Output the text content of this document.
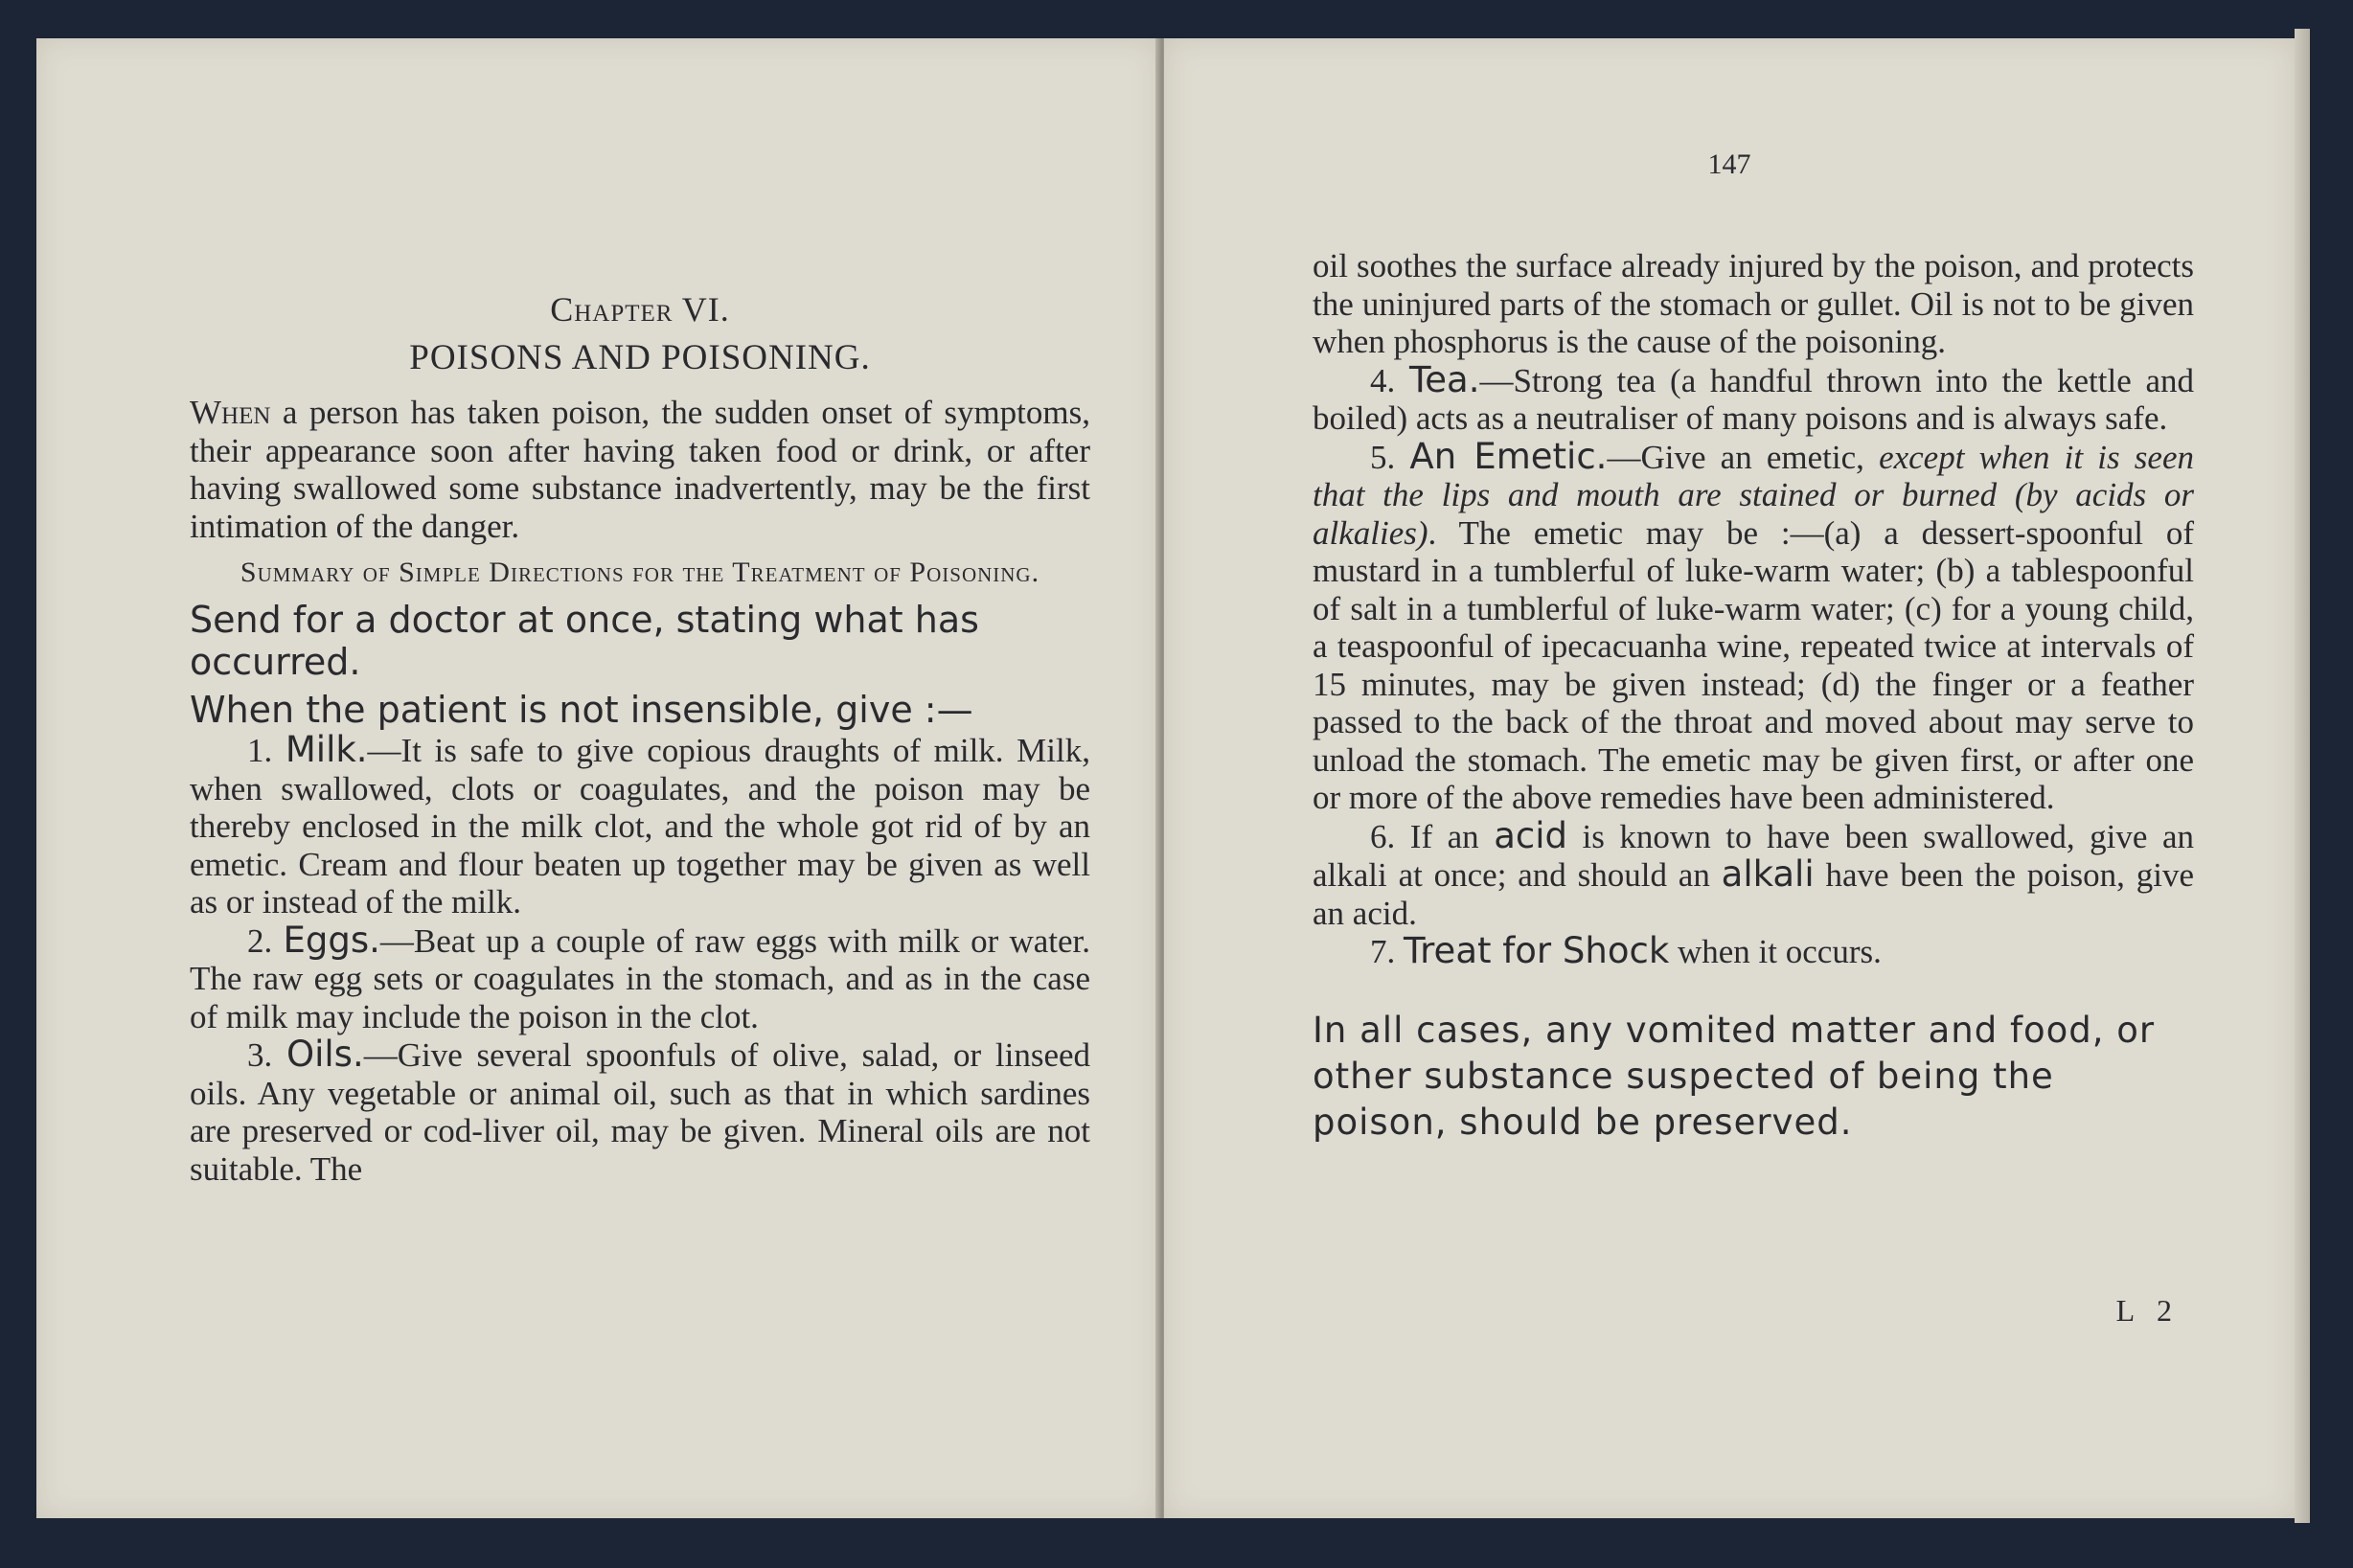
Chapter VI.

POISONS AND POISONING.

When a person has taken poison, the sudden onset of symptoms, their appearance soon after having taken food or drink, or after having swallowed some substance inadvertently, may be the first intimation of the danger.

Summary of Simple Directions for the Treatment of Poisoning.

Send for a doctor at once, stating what has occurred.

When the patient is not insensible, give :—

1. Milk.—It is safe to give copious draughts of milk. Milk, when swallowed, clots or coagulates, and the poison may be thereby enclosed in the milk clot, and the whole got rid of by an emetic. Cream and flour beaten up together may be given as well as or instead of the milk.

2. Eggs.—Beat up a couple of raw eggs with milk or water. The raw egg sets or coagulates in the stomach, and as in the case of milk may include the poison in the clot.

3. Oils.—Give several spoonfuls of olive, salad, or linseed oils. Any vegetable or animal oil, such as that in which sardines are preserved or cod-liver oil, may be given. Mineral oils are not suitable. The

147

oil soothes the surface already injured by the poison, and protects the uninjured parts of the stomach or gullet. Oil is not to be given when phosphorus is the cause of the poisoning.

4. Tea.—Strong tea (a handful thrown into the kettle and boiled) acts as a neutraliser of many poisons and is always safe.

5. An Emetic.—Give an emetic, except when it is seen that the lips and mouth are stained or burned (by acids or alkalies). The emetic may be :—(a) a dessert-spoonful of mustard in a tumblerful of luke-warm water; (b) a tablespoonful of salt in a tumblerful of luke-warm water; (c) for a young child, a teaspoonful of ipecacuanha wine, repeated twice at intervals of 15 minutes, may be given instead; (d) the finger or a feather passed to the back of the throat and moved about may serve to unload the stomach. The emetic may be given first, or after one or more of the above remedies have been administered.

6. If an acid is known to have been swallowed, give an alkali at once; and should an alkali have been the poison, give an acid.

7. Treat for Shock when it occurs.

In all cases, any vomited matter and food, or other substance suspected of being the poison, should be preserved.

L 2
